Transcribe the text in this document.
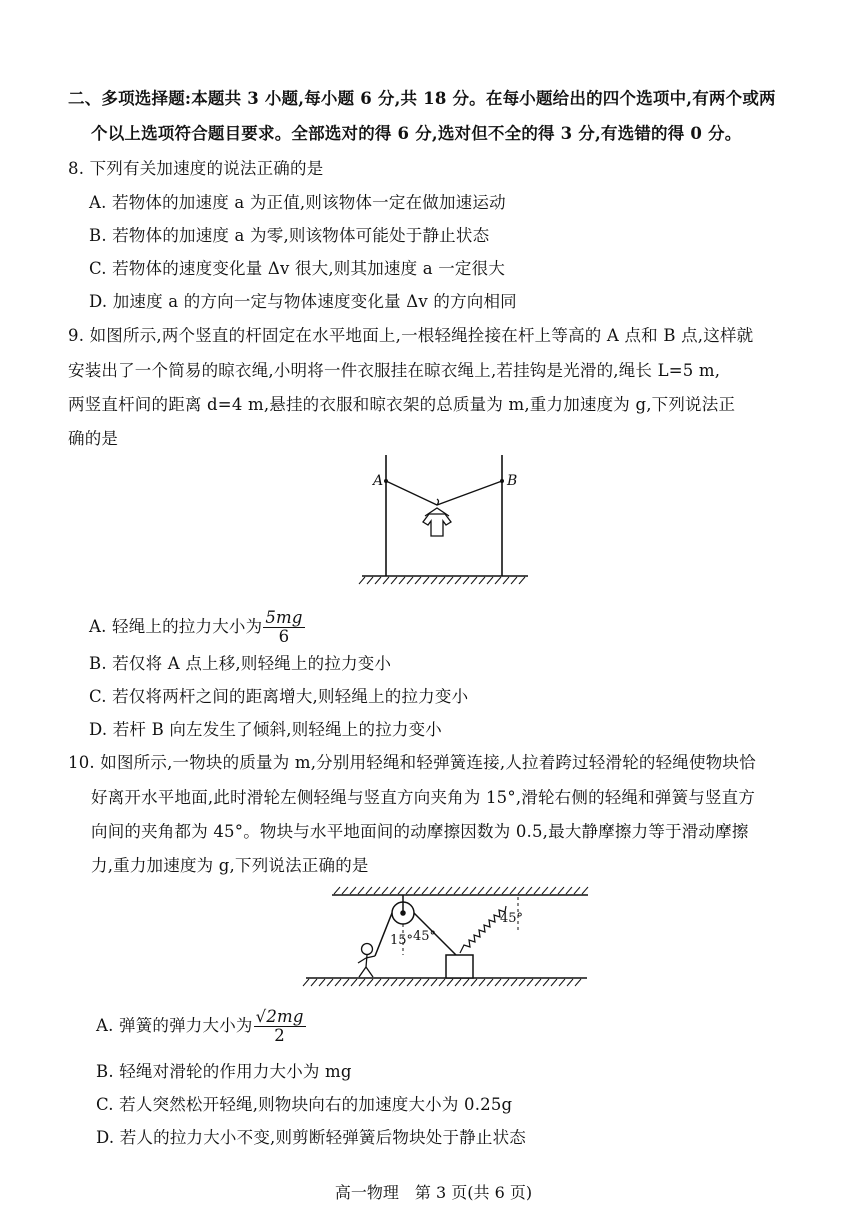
二、多项选择题:本题共 3 小题,每小题 6 分,共 18 分。在每小题给出的四个选项中,有两个或两
个以上选项符合题目要求。全部选对的得 6 分,选对但不全的得 3 分,有选错的得 0 分。
8. 下列有关加速度的说法正确的是
A. 若物体的加速度 a 为正值,则该物体一定在做加速运动
B. 若物体的加速度 a 为零,则该物体可能处于静止状态
C. 若物体的速度变化量 Δv 很大,则其加速度 a 一定很大
D. 加速度 a 的方向一定与物体速度变化量 Δv 的方向相同
9. 如图所示,两个竖直的杆固定在水平地面上,一根轻绳拴接在杆上等高的 A 点和 B 点,这样就
安装出了一个简易的晾衣绳,小明将一件衣服挂在晾衣绳上,若挂钩是光滑的,绳长 L=5 m,
两竖直杆间的距离 d=4 m,悬挂的衣服和晾衣架的总质量为 m,重力加速度为 g,下列说法正
确的是
A	B
A. 轻绳上的拉力大小为 $\frac{5mg}{6}$
B. 若仅将 A 点上移,则轻绳上的拉力变小
C. 若仅将两杆之间的距离增大,则轻绳上的拉力变小
D. 若杆 B 向左发生了倾斜,则轻绳上的拉力变小
10. 如图所示,一物块的质量为 m,分别用轻绳和轻弹簧连接,人拉着跨过轻滑轮的轻绳使物块恰
好离开水平地面,此时滑轮左侧轻绳与竖直方向夹角为 15°,滑轮右侧的轻绳和弹簧与竖直方
向间的夹角都为 45°。物块与水平地面间的动摩擦因数为 0.5,最大静摩擦力等于滑动摩擦
力,重力加速度为 g,下列说法正确的是
15° 45°
45°
A. 弹簧的弹力大小为 $\frac{√2mg}{2}$
B. 轻绳对滑轮的作用力大小为 mg
C. 若人突然松开轻绳,则物块向右的加速度大小为 0.25g
D. 若人的拉力大小不变,则剪断轻弹簧后物块处于静止状态
高一物理　第 3 页(共 6 页)
